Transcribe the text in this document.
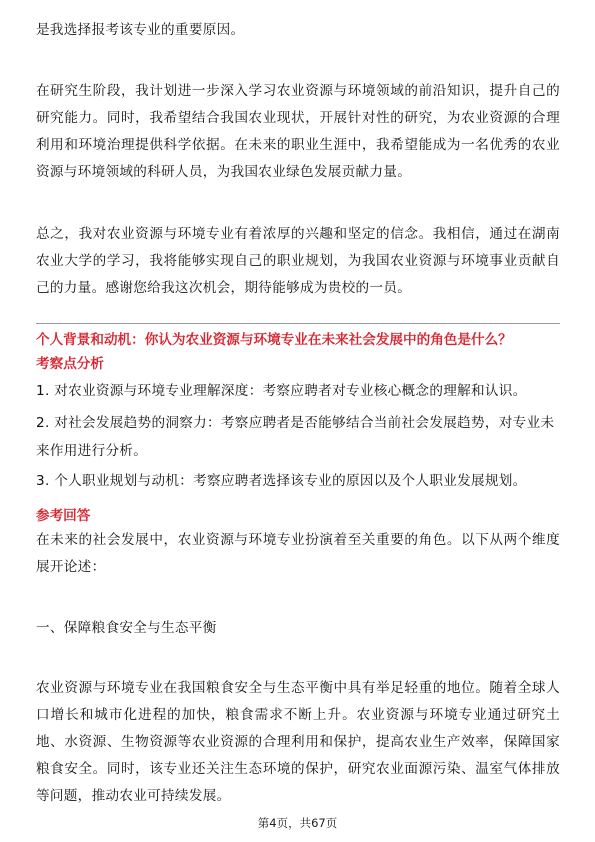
是我选择报考该专业的重要原因。

在研究生阶段，我计划进一步深入学习农业资源与环境领域的前沿知识，提升自己的研究能力。同时，我希望结合我国农业现状，开展针对性的研究，为农业资源的合理利用和环境治理提供科学依据。在未来的职业生涯中，我希望能成为一名优秀的农业资源与环境领域的科研人员，为我国农业绿色发展贡献力量。

总之，我对农业资源与环境专业有着浓厚的兴趣和坚定的信念。我相信，通过在湖南农业大学的学习，我将能够实现自己的职业规划，为我国农业资源与环境事业贡献自己的力量。感谢您给我这次机会，期待能够成为贵校的一员。

个人背景和动机：你认为农业资源与环境专业在未来社会发展中的角色是什么？

考察点分析

1. 对农业资源与环境专业理解深度：考察应聘者对专业核心概念的理解和认识。

2. 对社会发展趋势的洞察力：考察应聘者是否能够结合当前社会发展趋势，对专业未来作用进行分析。

3. 个人职业规划与动机：考察应聘者选择该专业的原因以及个人职业发展规划。

参考回答

在未来的社会发展中，农业资源与环境专业扮演着至关重要的角色。以下从两个维度展开论述：

一、保障粮食安全与生态平衡

农业资源与环境专业在我国粮食安全与生态平衡中具有举足轻重的地位。随着全球人口增长和城市化进程的加快，粮食需求不断上升。农业资源与环境专业通过研究土地、水资源、生物资源等农业资源的合理利用和保护，提高农业生产效率，保障国家粮食安全。同时，该专业还关注生态环境的保护，研究农业面源污染、温室气体排放等问题，推动农业可持续发展。

第4页，共67页
